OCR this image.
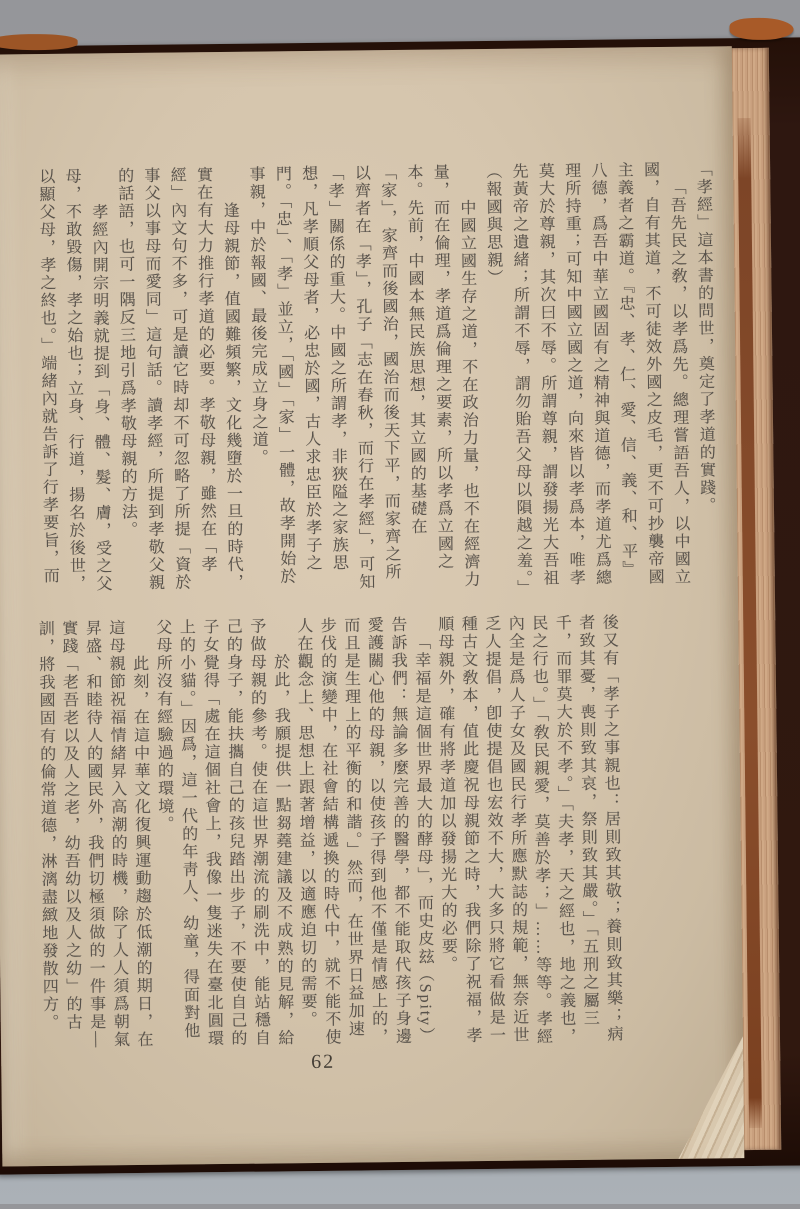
「孝經」這本書的問世，奠定了孝道的實踐。

「吾先民之敎，以孝爲先。總理嘗語吾人，以中國立國，自有其道，不可徒效外國之皮毛，更不可抄襲帝國主義者之霸道。『忠、孝、仁、愛、信、義、和、平』八德，爲吾中華立國固有之精神與道德，而孝道尤爲總理所持重；可知中國立國之道，向來皆以孝爲本，唯孝莫大於尊親，其次曰不辱。所謂尊親，謂發揚光大吾祖先黃帝之遺緒；所謂不辱，謂勿貽吾父母以隕越之羞。」（報國與思親）

中國立國生存之道，不在政治力量，也不在經濟力量，而在倫理，孝道爲倫理之要素，所以孝爲立國之本。先前，中國本無民族思想，其立國的基礎在「家」，家齊而後國治，國治而後天下平，而家齊之所以齊者在「孝」，孔子「志在春秋，而行在孝經」，可知「孝」關係的重大。中國之所謂孝，非狹隘之家族思想，凡孝順父母者，必忠於國，古人求忠臣於孝子之門。「忠」、「孝」並立，「國」「家」一體，故孝開始於事親，中於報國、最後完成立身之道。

逢母親節，值國難頻繁，文化幾墮於一旦的時代，實在有大力推行孝道的必要。孝敬母親，雖然在「孝經」內文句不多，可是讀它時却不可忽略了所提「資於事父以事母而愛同」這句話。讀孝經，所提到孝敬父親的話語，也可一隅反三地引爲孝敬母親的方法。

孝經內開宗明義就提到「身、體、髮、膚，受之父母，不敢毀傷，孝之始也；立身、行道，揚名於後世，以顯父母，孝之終也。」端緒內就告訴了行孝要旨，而

後又有「孝子之事親也：居則致其敬；養則致其樂；病者致其憂，喪則致其哀，祭則致其嚴。」「五刑之屬三千，而罪莫大於不孝。」「夫孝，天之經也，地之義也，民之行也。」「敎民親愛，莫善於孝；」……等等。孝經內全是爲人子女及國民行孝所應默誌的規範，無奈近世乏人提倡，卽使提倡也宏效不大，大多只將它看做是一種古文敎本，值此慶祝母親節之時，我們除了祝福，孝順母親外，確有將孝道加以發揚光大的必要。

「幸福是這個世界最大的酵母」，而史皮玆（Spity）告訴我們：無論多麼完善的醫學，都不能取代孩子身邊愛護關心他的母親，以使孩子得到他不僅是情感上的，而且是生理上的平衡的和諧。」然而，在世界日益加速步伐的演變中，在社會結構遞換的時代中，就不能不使人在觀念上、思想上跟著增益，以適應迫切的需要。

於此，我願提供一點芻蕘建議及不成熟的見解，給予做母親的參考。使在這世界潮流的刷洗中，能站穩自己的身子，能扶攜自己的孩兒踏出步子，不要使自己的子女覺得「處在這個社會上，我像一隻迷失在臺北圓環上的小貓。」因爲，這一代的年靑人、幼童，得面對他父母所沒有經驗過的環境。

此刻，在這中華文化復興運動趨於低潮的期日，在這母親節祝福情緒昇入高潮的時機，除了人人須爲朝氣昇盛、和睦待人的國民外，我們切極須做的一件事是—實踐「老吾老以及人之老，幼吾幼以及人之幼」的古訓，將我國固有的倫常道德，淋漓盡緻地發散四方。

62
